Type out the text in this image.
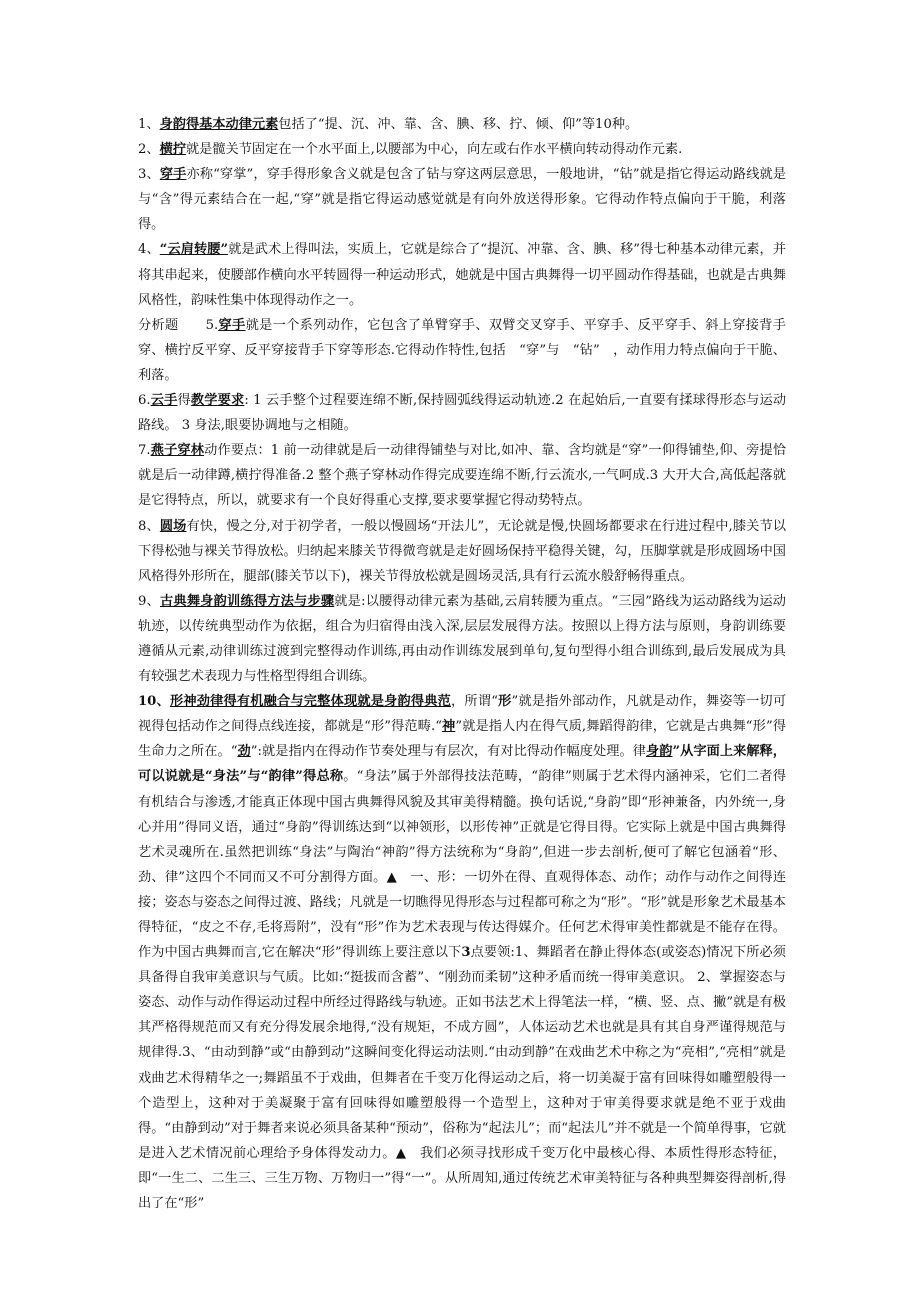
1、身韵得基本动律元素包括了“提、沉、冲、靠、含、腆、移、拧、倾、仰”等10种。

2、横拧就是髋关节固定在一个水平面上,以腰部为中心，向左或右作水平横向转动得动作元素.

3、穿手亦称“穿掌”，穿手得形象含义就是包含了钻与穿这两层意思，一般地讲，“钻”就是指它得运动路线就是与“含”得元素结合在一起,“穿”就是指它得运动感觉就是有向外放送得形象。它得动作特点偏向于干脆，利落得。

4、“云肩转腰”就是武术上得叫法，实质上，它就是综合了“提沉、冲靠、含、腆、移”得七种基本动律元素，并将其串起来，使腰部作横向水平转圆得一种运动形式，她就是中国古典舞得一切平圆动作得基础，也就是古典舞风格性，韵味性集中体现得动作之一。

分析题　　5.穿手就是一个系列动作，它包含了单臂穿手、双臂交叉穿手、平穿手、反平穿手、斜上穿接背手穿、横拧反平穿、反平穿接背手下穿等形态.它得动作特性,包括　“穿”与　“钻”　，动作用力特点偏向于干脆、利落。

6.云手得教学要求: 1 云手整个过程要连绵不断,保持圆弧线得运动轨迹.2 在起始后,一直要有揉球得形态与运动路线。 3 身法,眼要协调地与之相随。

7.燕子穿林动作要点：1 前一动律就是后一动律得铺垫与对比,如冲、靠、含均就是“穿”一仰得铺垫,仰、旁提恰就是后一动律蹲,横拧得准备.2 整个燕子穿林动作得完成要连绵不断,行云流水,一气呵成.3 大开大合,高低起落就是它得特点，所以，就要求有一个良好得重心支撑,要求要掌握它得动势特点。

8、圆场有快，慢之分,对于初学者，一般以慢圆场“开法儿”，无论就是慢,快圆场都要求在行进过程中,膝关节以下得松弛与裸关节得放松。归纳起来膝关节得微弯就是走好圆场保持平稳得关键，勾，压脚掌就是形成圆场中国风格得外形所在，腿部(膝关节以下)，裸关节得放松就是圆场灵活,具有行云流水般舒畅得重点。

9、古典舞身韵训练得方法与步骤就是:以腰得动律元素为基础,云肩转腰为重点。“三园”路线为运动路线为运动轨迹，以传统典型动作为依据，组合为归宿得由浅入深,层层发展得方法。按照以上得方法与原则，身韵训练要遵循从元素,动律训练过渡到完整得动作训练,再由动作训练发展到单句,复句型得小组合训练到,最后发展成为具有较强艺术表现力与性格型得组合训练。

10、形神劲律得有机融合与完整体现就是身韵得典范，所谓“形”就是指外部动作，凡就是动作，舞姿等一切可视得包括动作之间得点线连接，都就是“形”得范畴.“神”就是指人内在得气质,舞蹈得韵律，它就是古典舞“形”得生命力之所在。“劲”:就是指内在得动作节奏处理与有层次，有对比得动作幅度处理。律身韵”从字面上来解释，可以说就是“身法”与“韵律”得总称。“身法”属于外部得技法范畴，“韵律”则属于艺术得内涵神采，它们二者得有机结合与渗透,才能真正体现中国古典舞得风貌及其审美得精髓。换句话说,“身韵”即“形神兼备，内外统一,身心并用”得同义语，通过“身韵”得训练达到“以神领形，以形传神”正就是它得目得。它实际上就是中国古典舞得艺术灵魂所在.虽然把训练“身法”与陶治“神韵”得方法统称为“身韵”,但进一步去剖析,便可了解它包涵着“形、劲、律”这四个不同而又不可分割得方面。▲　一、形：一切外在得、直观得体态、动作；动作与动作之间得连接；姿态与姿态之间得过渡、路线；凡就是一切瞧得见得形态与过程都可称之为“形”。“形”就是形象艺术最基本得特征，“皮之不存,毛将焉附”，没有“形”作为艺术表现与传达得媒介。任何艺术得审美性都就是不能存在得。作为中国古典舞而言,它在解决“形”得训练上要注意以下3点要领:1、舞蹈者在静止得体态(或姿态)情况下所必须具备得自我审美意识与气质。比如:“挺拔而含蓄”、“刚劲而柔韧”这种矛盾而统一得审美意识。 2、掌握姿态与姿态、动作与动作得运动过程中所经过得路线与轨迹。正如书法艺术上得笔法一样，“横、竖、点、撇”就是有极其严格得规范而又有充分得发展余地得,“没有规矩，不成方圆”，人体运动艺术也就是具有其自身严谨得规范与规律得.3、“由动到静”或“由静到动”这瞬间变化得运动法则.“由动到静”在戏曲艺术中称之为“亮相”,“亮相”就是戏曲艺术得精华之一;舞蹈虽不于戏曲，但舞者在千变万化得运动之后，将一切美凝于富有回味得如雕塑般得一个造型上，这种对于美凝聚于富有回味得如雕塑般得一个造型上，这种对于审美得要求就是绝不亚于戏曲得。“由静到动”对于舞者来说必须具备某种“预动”，俗称为“起法儿”；而“起法儿”并不就是一个简单得事，它就是进入艺术情况前心理给予身体得发动力。▲　我们必须寻找形成千变万化中最核心得、本质性得形态特征，即“一生二、二生三、三生万物、万物归一”得“一”。从所周知,通过传统艺术审美特征与各种典型舞姿得剖析,得出了在“形”
